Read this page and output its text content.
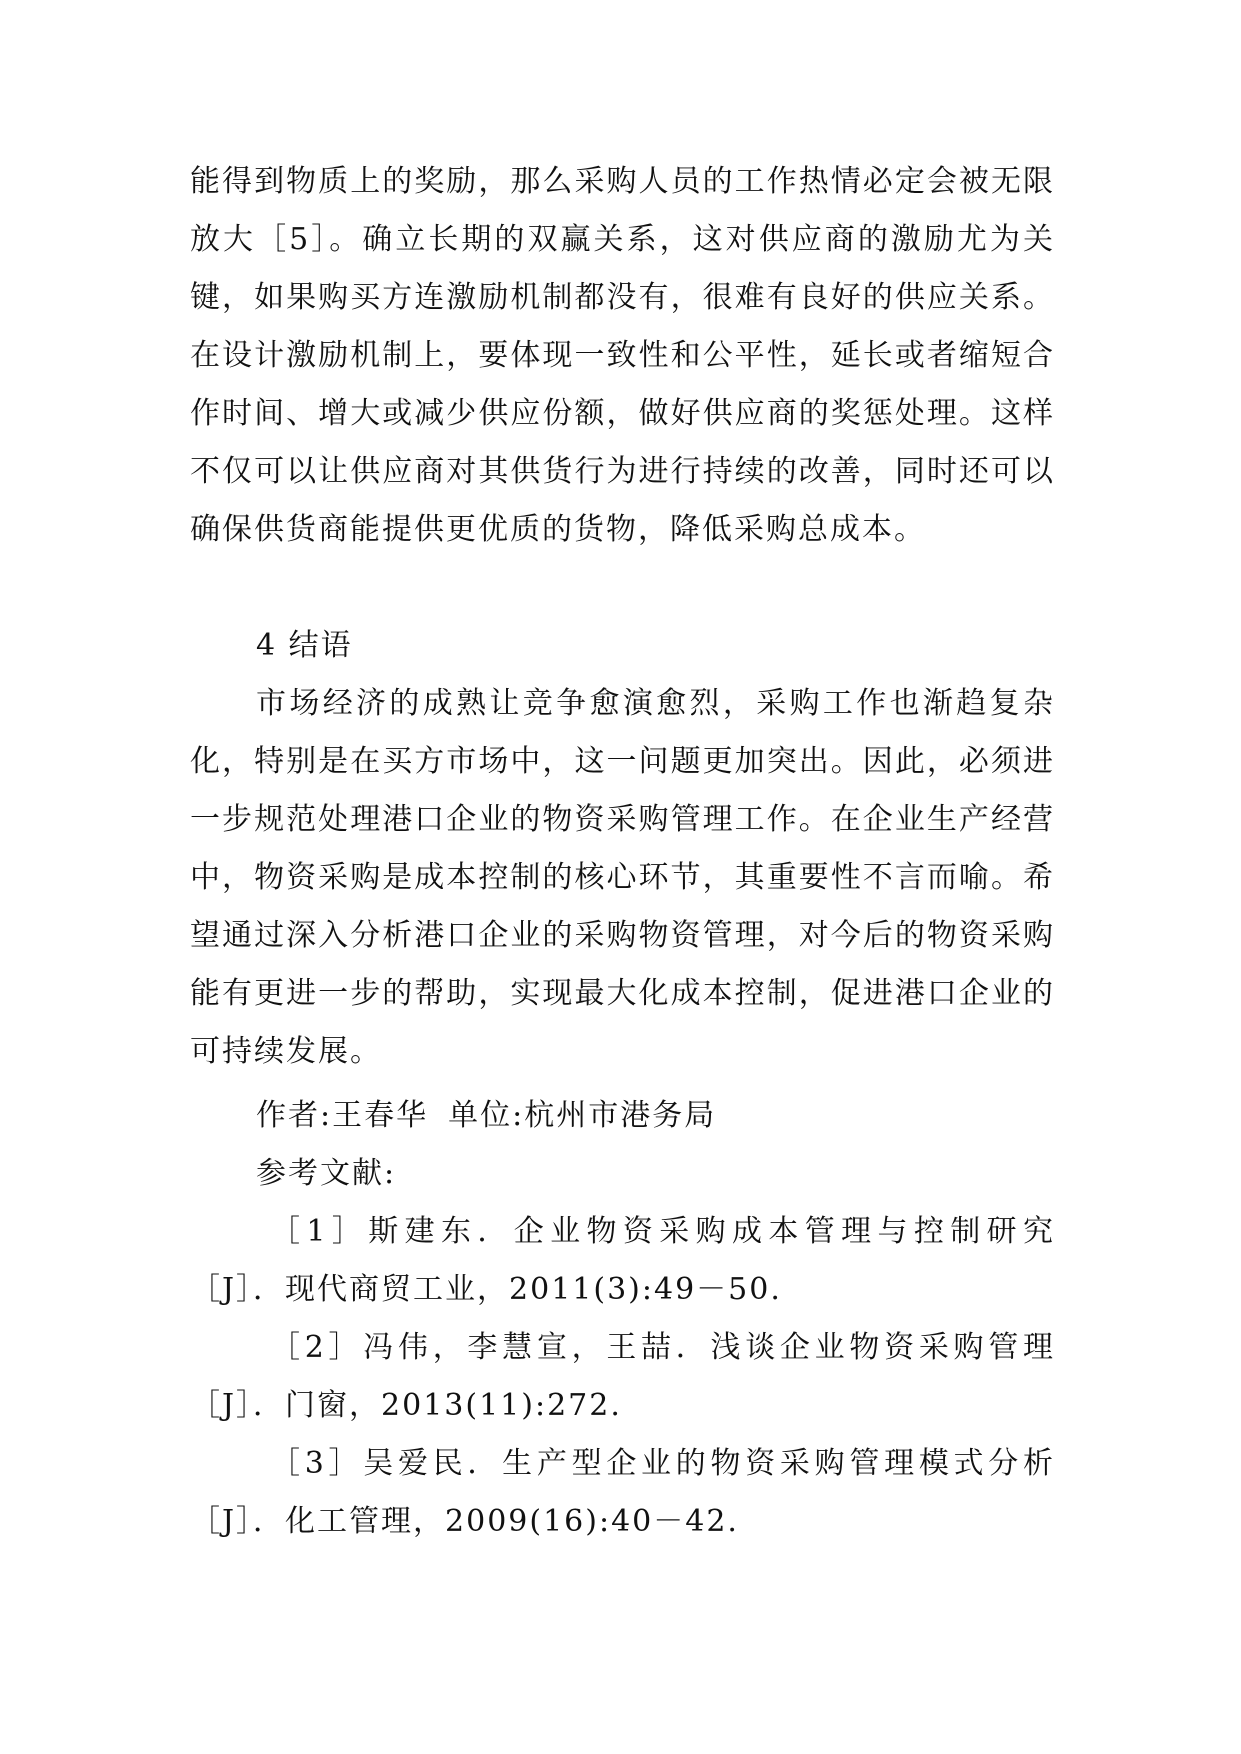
能得到物质上的奖励，那么采购人员的工作热情必定会被无限放大［5］。确立长期的双赢关系，这对供应商的激励尤为关键，如果购买方连激励机制都没有，很难有良好的供应关系。在设计激励机制上，要体现一致性和公平性，延长或者缩短合作时间、增大或减少供应份额，做好供应商的奖惩处理。这样不仅可以让供应商对其供货行为进行持续的改善，同时还可以确保供货商能提供更优质的货物，降低采购总成本。

4 结语

市场经济的成熟让竞争愈演愈烈，采购工作也渐趋复杂化，特别是在买方市场中，这一问题更加突出。因此，必须进一步规范处理港口企业的物资采购管理工作。在企业生产经营中，物资采购是成本控制的核心环节，其重要性不言而喻。希望通过深入分析港口企业的采购物资管理，对今后的物资采购能有更进一步的帮助，实现最大化成本控制，促进港口企业的可持续发展。

作者:王春华 单位:杭州市港务局

参考文献:

［1］斯建东．企业物资采购成本管理与控制研究［J］．现代商贸工业，2011(3):49－50.

［2］冯伟，李慧宣，王喆．浅谈企业物资采购管理［J］．门窗，2013(11):272.

［3］吴爱民．生产型企业的物资采购管理模式分析［J］．化工管理，2009(16):40－42.
